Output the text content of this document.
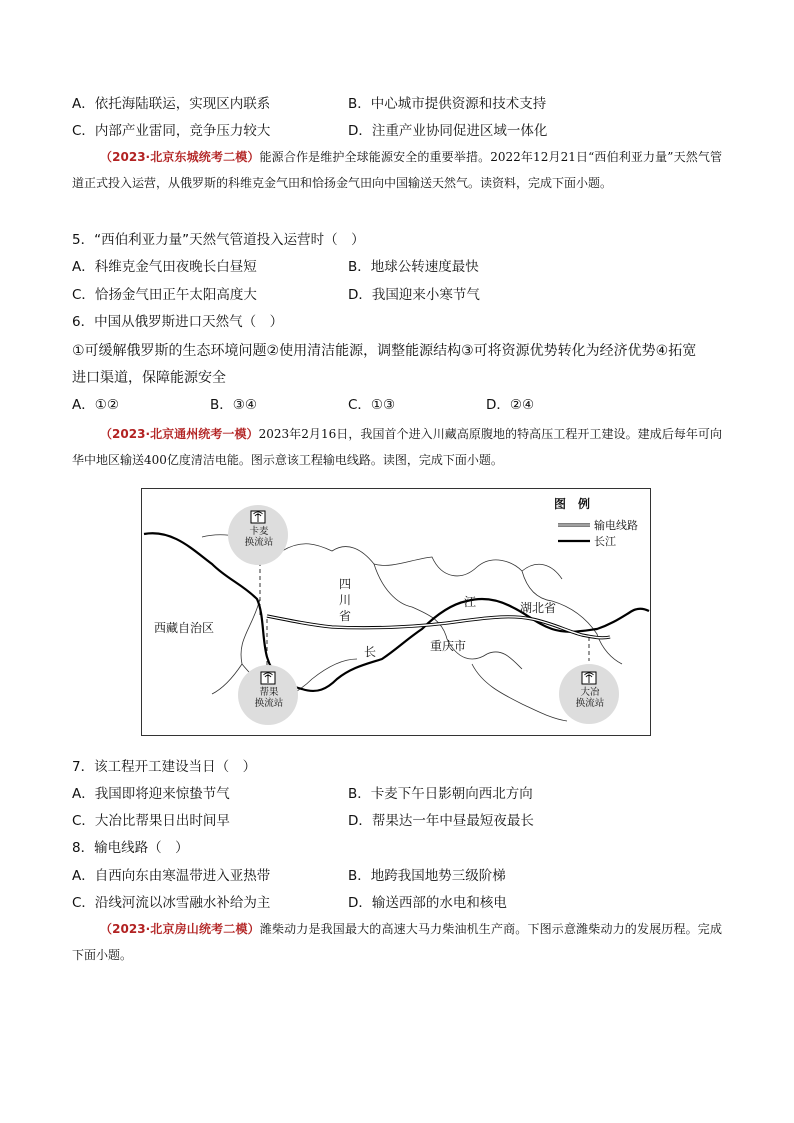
A．依托海陆联运，实现区内联系	B．中心城市提供资源和技术支持
C．内部产业雷同，竞争压力较大	D．注重产业协同促进区域一体化
（2023·北京东城统考二模）能源合作是维护全球能源安全的重要举措。2022年12月21日“西伯利亚力量”天然气管道正式投入运营，从俄罗斯的科维克金气田和恰扬金气田向中国输送天然气。读资料，完成下面小题。
5．“西伯利亚力量”天然气管道投入运营时（　）
A．科维克金气田夜晚长白昼短	B．地球公转速度最快
C．恰扬金气田正午太阳高度大	D．我国迎来小寒节气
6．中国从俄罗斯进口天然气（　）
①可缓解俄罗斯的生态环境问题②使用清洁能源，调整能源结构③可将资源优势转化为经济优势④拓宽
进口渠道，保障能源安全
A．①②	B．③④	C．①③	D．②④
（2023·北京通州统考一模）2023年2月16日，我国首个进入川藏高原腹地的特高压工程开工建设。建成后每年可向华中地区输送400亿度清洁电能。图示意该工程输电线路。读图，完成下面小题。
图　例
输电线路
长江
西藏自治区
四
川
省
湖北省
重庆市
江
长
卡麦
换流站
帮果
换流站
大冶
换流站
7．该工程开工建设当日（　）
A．我国即将迎来惊蛰节气	B．卡麦下午日影朝向西北方向
C．大冶比帮果日出时间早	D．帮果达一年中昼最短夜最长
8．输电线路（　）
A．自西向东由寒温带进入亚热带	B．地跨我国地势三级阶梯
C．沿线河流以冰雪融水补给为主	D．输送西部的水电和核电
（2023·北京房山统考二模）潍柴动力是我国最大的高速大马力柴油机生产商。下图示意潍柴动力的发展历程。完成下面小题。
